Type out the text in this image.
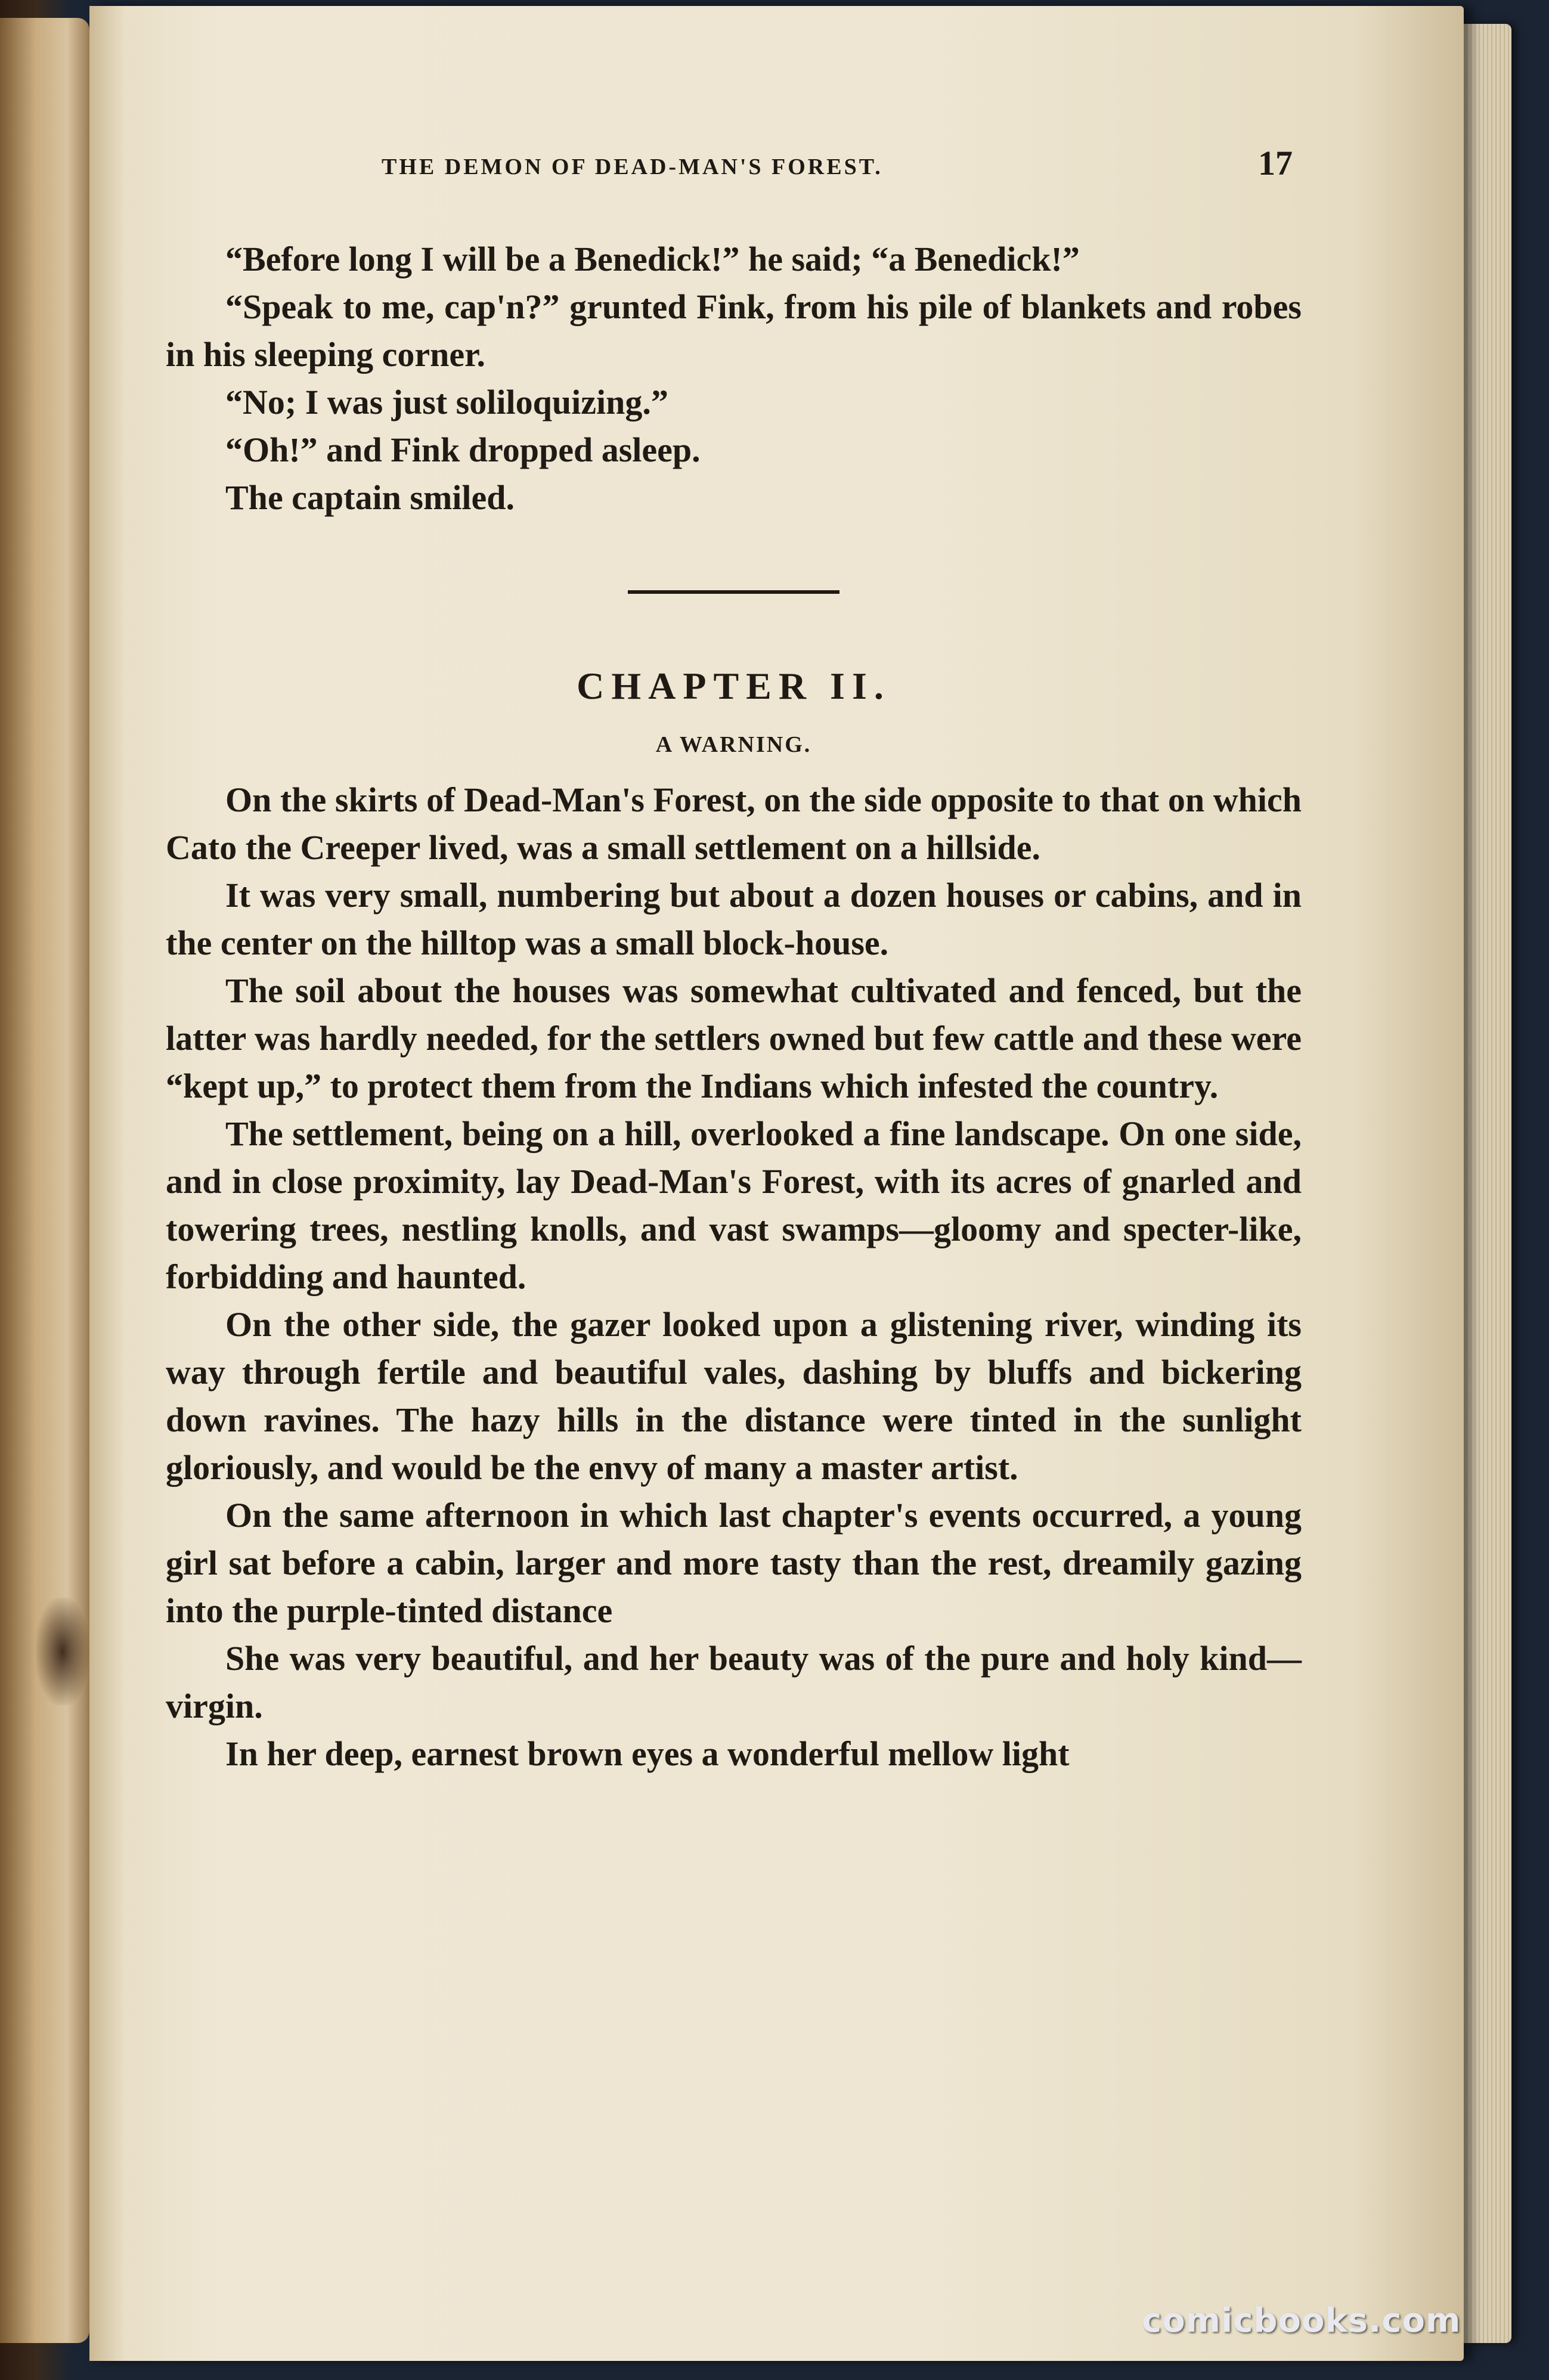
THE DEMON OF DEAD-MAN'S FOREST.	17

“Before long I will be a Benedick!” he said; “a Benedick!”

“Speak to me, cap'n?” grunted Fink, from his pile of blankets and robes in his sleeping corner.

“No; I was just soliloquizing.”

“Oh!” and Fink dropped asleep.

The captain smiled.

CHAPTER II.
A WARNING.

On the skirts of Dead-Man's Forest, on the side opposite to that on which Cato the Creeper lived, was a small settlement on a hillside.

It was very small, numbering but about a dozen houses or cabins, and in the center on the hilltop was a small block-house.

The soil about the houses was somewhat cultivated and fenced, but the latter was hardly needed, for the settlers owned but few cattle and these were “kept up,” to protect them from the Indians which infested the country.

The settlement, being on a hill, overlooked a fine landscape. On one side, and in close proximity, lay Dead-Man's Forest, with its acres of gnarled and towering trees, nestling knolls, and vast swamps—gloomy and specter-like, forbidding and haunted.

On the other side, the gazer looked upon a glistening river, winding its way through fertile and beautiful vales, dashing by bluffs and bickering down ravines. The hazy hills in the distance were tinted in the sunlight gloriously, and would be the envy of many a master artist.

On the same afternoon in which last chapter's events occurred, a young girl sat before a cabin, larger and more tasty than the rest, dreamily gazing into the purple-tinted distance

She was very beautiful, and her beauty was of the pure and holy kind—virgin.

In her deep, earnest brown eyes a wonderful mellow light

comicbooks.com
